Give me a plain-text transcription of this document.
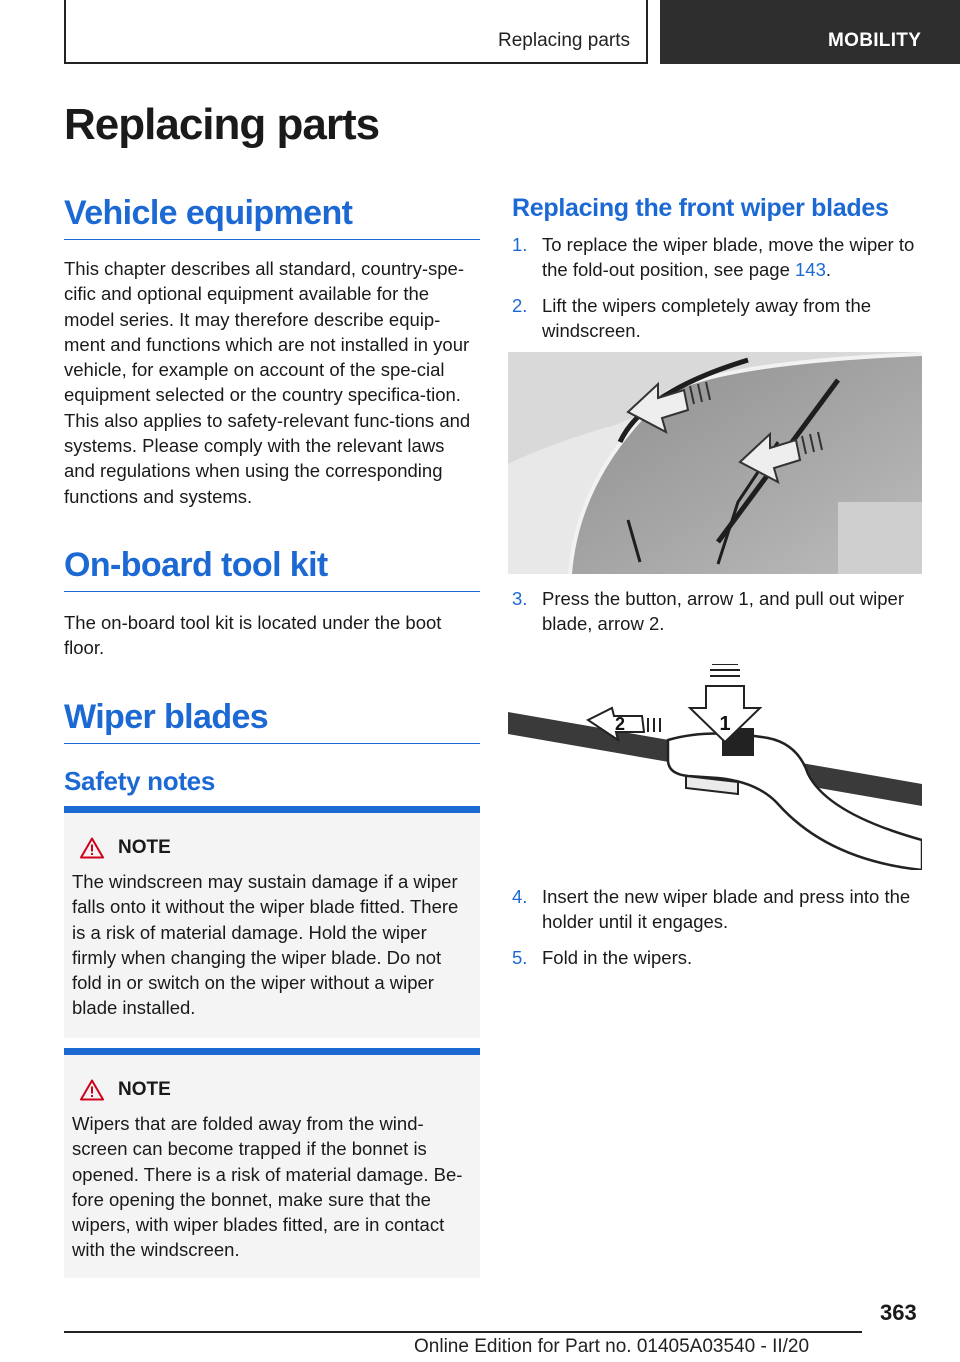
Replacing parts	MOBILITY
Replacing parts
Vehicle equipment

This chapter describes all standard, country-spe-cific and optional equipment available for the model series. It may therefore describe equip-ment and functions which are not installed in your vehicle, for example on account of the spe-cial equipment selected or the country specifica-tion. This also applies to safety-relevant func-tions and systems. Please comply with the relevant laws and regulations when using the corresponding functions and systems.

On-board tool kit

The on-board tool kit is located under the boot floor.

Wiper blades
Safety notes
NOTE

The windscreen may sustain damage if a wiper falls onto it without the wiper blade fitted. There is a risk of material damage. Hold the wiper firmly when changing the wiper blade. Do not fold in or switch on the wiper without a wiper blade installed.

NOTE

Wipers that are folded away from the wind-screen can become trapped if the bonnet is opened. There is a risk of material damage. Be-fore opening the bonnet, make sure that the wipers, with wiper blades fitted, are in contact with the windscreen.

Replacing the front wiper blades
1. To replace the wiper blade, move the wiper to the fold-out position, see page 143.
2. Lift the wipers completely away from the windscreen.
3. Press the button, arrow 1, and pull out wiper blade, arrow 2.
1
2
4. Insert the new wiper blade and press into the holder until it engages.
5. Fold in the wipers.
363
Online Edition for Part no. 01405A03540 - II/20
